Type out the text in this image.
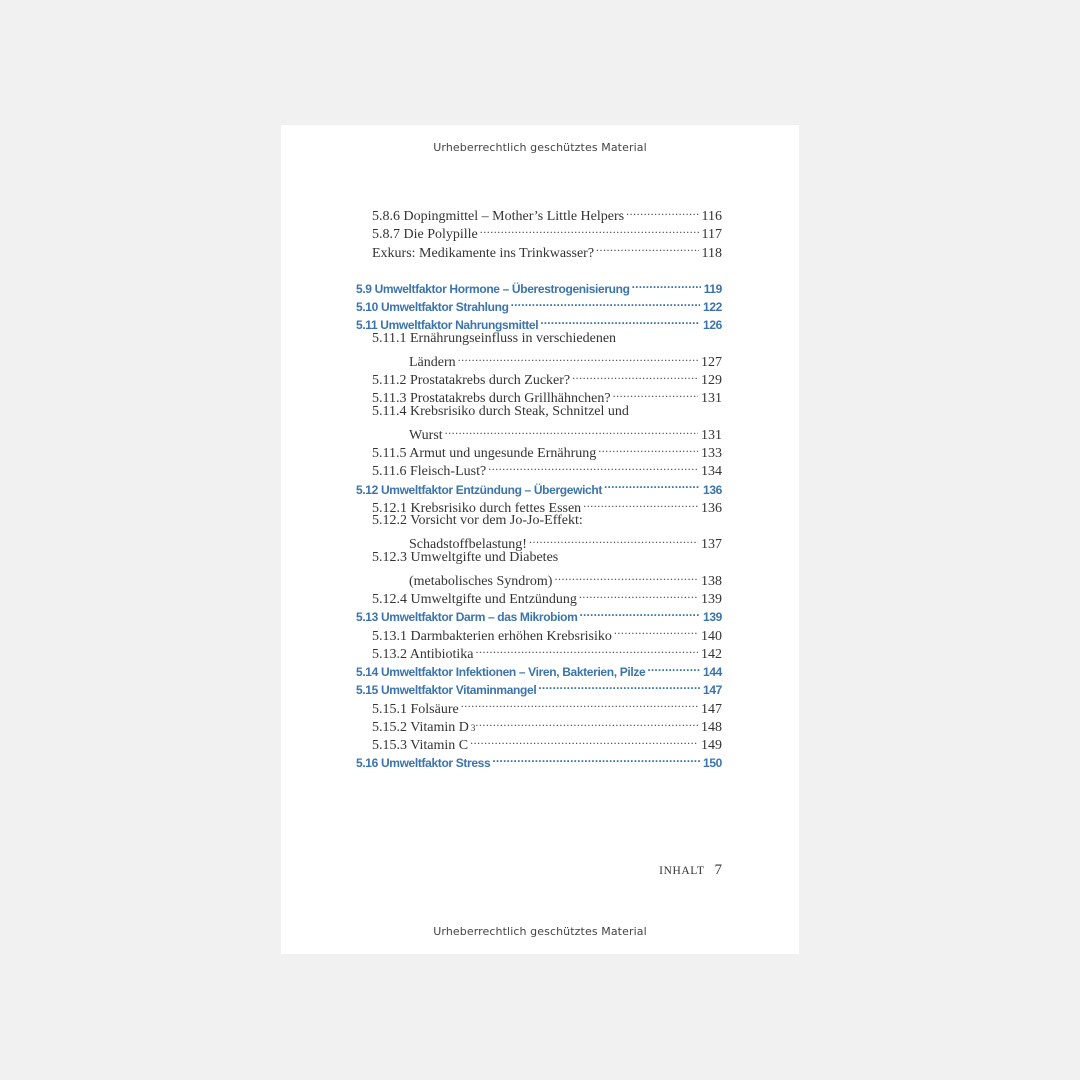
Urheberrechtlich geschütztes Material
5.8.6 Dopingmittel – Mother’s Little Helpers .....	116
5.8.7 Die Polypille .....	117
Exkurs: Medikamente ins Trinkwasser? .....	118
5.9 Umweltfaktor Hormone – Überestrogenisierung .....	119
5.10 Umweltfaktor Strahlung .....	122
5.11 Umweltfaktor Nahrungsmittel .....	126
5.11.1 Ernährungseinfluss in verschiedenen
Ländern .....	127
5.11.2 Prostatakrebs durch Zucker? .....	129
5.11.3 Prostatakrebs durch Grillhähnchen? .....	131
5.11.4 Krebsrisiko durch Steak, Schnitzel und
Wurst .....	131
5.11.5 Armut und ungesunde Ernährung .....	133
5.11.6 Fleisch-Lust? .....	134
5.12 Umweltfaktor Entzündung – Übergewicht .....	136
5.12.1 Krebsrisiko durch fettes Essen .....	136
5.12.2 Vorsicht vor dem Jo-Jo-Effekt:
Schadstoffbelastung! .....	137
5.12.3 Umweltgifte und Diabetes
(metabolisches Syndrom) .....	138
5.12.4 Umweltgifte und Entzündung .....	139
5.13 Umweltfaktor Darm – das Mikrobiom .....	139
5.13.1 Darmbakterien erhöhen Krebsrisiko .....	140
5.13.2 Antibiotika .....	142
5.14 Umweltfaktor Infektionen – Viren, Bakterien, Pilze .....	144
5.15 Umweltfaktor Vitaminmangel .....	147
5.15.1 Folsäure .....	147
5.15.2 Vitamin D 3 .....	148
5.15.3 Vitamin C .....	149
5.16 Umweltfaktor Stress .....	150
INHALT 7
Urheberrechtlich geschütztes Material
